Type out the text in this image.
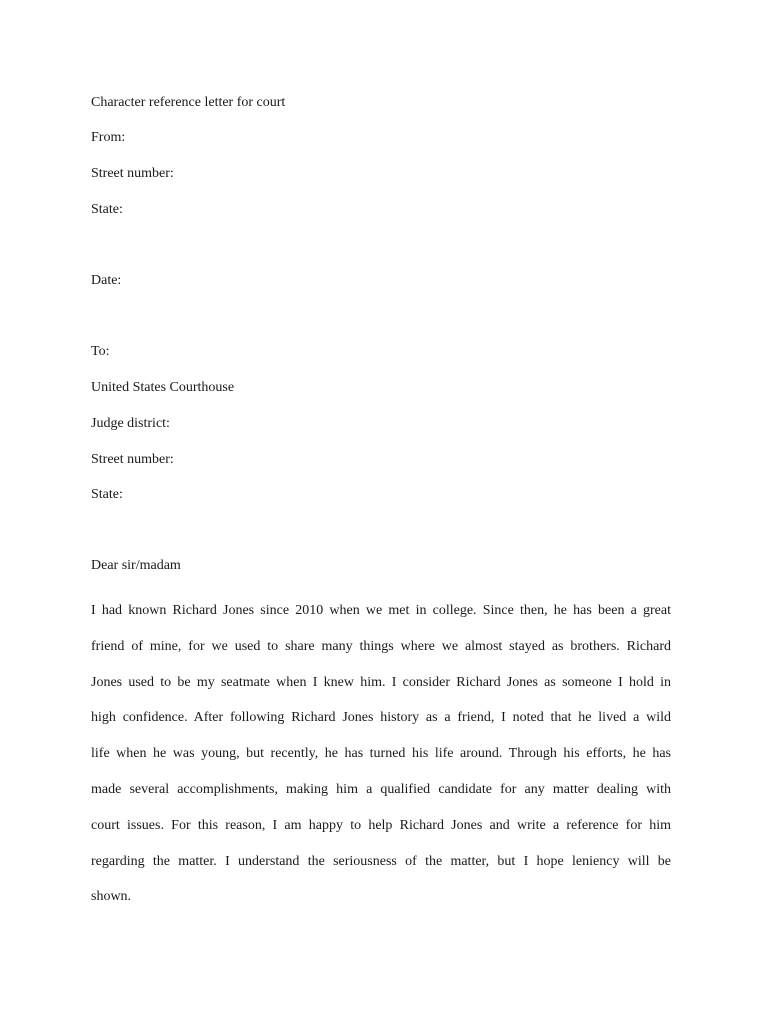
Character reference letter for court

From:

Street number:

State:

Date:

To:

United States Courthouse

Judge district:

Street number:

State:

Dear sir/madam

I had known Richard Jones since 2010 when we met in college. Since then, he has been a great
friend of mine, for we used to share many things where we almost stayed as brothers. Richard
Jones used to be my seatmate when I knew him. I consider Richard Jones as someone I hold in
high confidence. After following Richard Jones history as a friend, I noted that he lived a wild
life when he was young, but recently, he has turned his life around. Through his efforts, he has
made several accomplishments, making him a qualified candidate for any matter dealing with
court issues. For this reason, I am happy to help Richard Jones and write a reference for him
regarding the matter. I understand the seriousness of the matter, but I hope leniency will be
shown.
